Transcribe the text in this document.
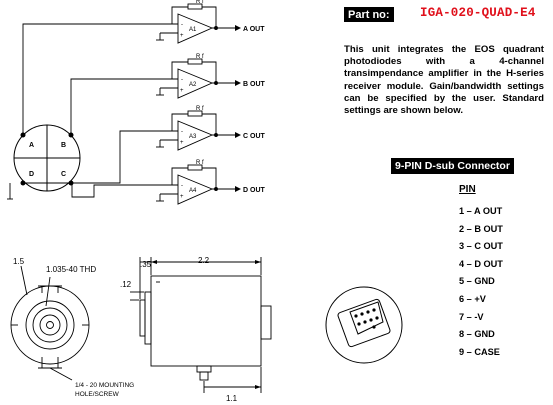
A	B
D	C
A1
A2
A3
A4
R f
R f
R f
R f
-
+
-
+
-
+
-
+
A OUT
B OUT
C OUT
D OUT
1.5
1.035-40 THD
1/4 - 20 MOUNTING
HOLE/SCREW
.35	2.2
.12
1.1
Part no:	IGA-020-QUAD-E4
This unit integrates the EOS quadrant photodiodes with a 4-channel transimpendance amplifier in the H-series receiver module. Gain/bandwidth settings can be specified by the user. Standard settings are shown below.
9-PIN D-sub Connector
PIN
1 – A OUT
2 – B OUT
3 – C OUT
4 – D OUT
5 – GND
6 – +V
7 – -V
8 – GND
9 – CASE
